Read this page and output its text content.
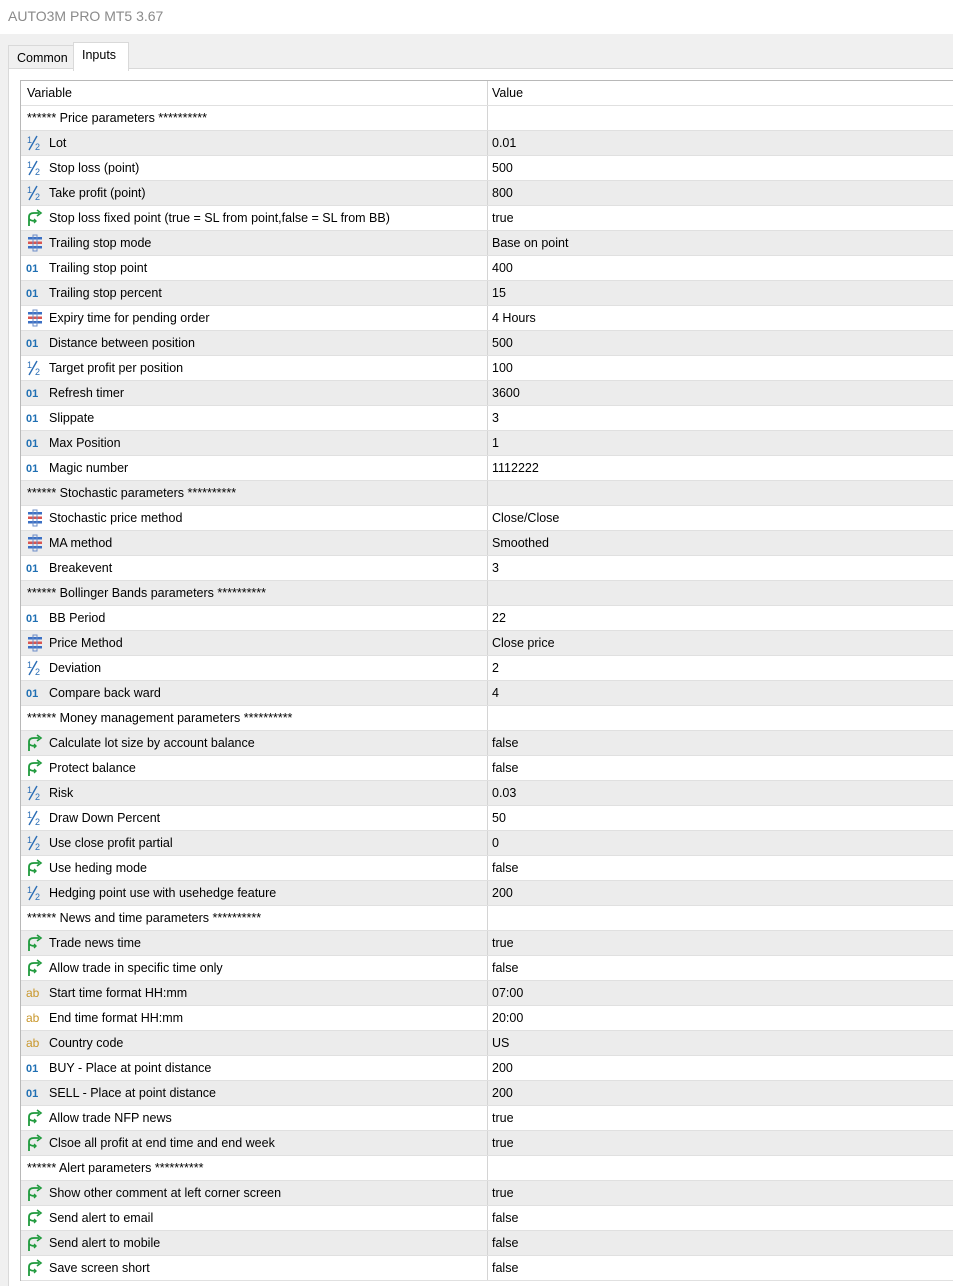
AUTO3M PRO MT5 3.67
Common	Inputs
Variable	Value
****** Price parameters **********
1
2 Lot	0.01
1
2 Stop loss (point)	500
1
2 Take profit (point)	800
Stop loss fixed point (true = SL from point,false = SL from BB)	true
Trailing stop mode	Base on point
01 Trailing stop point	400
01 Trailing stop percent	15
Expiry time for pending order	4 Hours
01 Distance between position	500
1
2 Target profit per position	100
01 Refresh timer	3600
01 Slippate	3
01 Max Position	1
01 Magic number	1112222
****** Stochastic parameters **********
Stochastic price method	Close/Close
MA method	Smoothed
01 Breakevent	3
****** Bollinger Bands parameters **********
01 BB Period	22
Price Method	Close price
1
2 Deviation	2
01 Compare back ward	4
****** Money management parameters **********
Calculate lot size by account balance	false
Protect balance	false
1
2 Risk	0.03
1
2 Draw Down Percent	50
1
2 Use close profit partial	0
Use heding mode	false
1
2 Hedging point use with usehedge feature	200
****** News and time parameters **********
Trade news time	true
Allow trade in specific time only	false
ab Start time format HH:mm	07:00
ab End time format HH:mm	20:00
ab Country code	US
01 BUY - Place at point distance	200
01 SELL - Place at point distance	200
Allow trade NFP news	true
Clsoe all profit at end time and end week	true
****** Alert parameters **********
Show other comment at left corner screen	true
Send alert to email	false
Send alert to mobile	false
Save screen short	false
